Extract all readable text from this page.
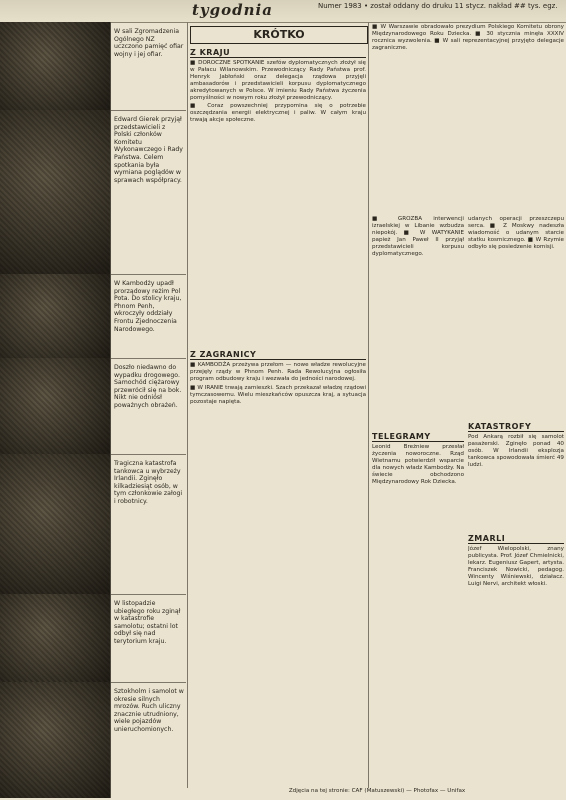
tygodnia	Numer 1983 • został oddany do druku 11 stycz. nakład ## tys. egz.
W sali Zgromadzenia Ogólnego NZ uczczono pamięć ofiar wojny i jej ofiar.
Edward Gierek przyjął przedstawicieli z Polski członków Komitetu Wykonawczego i Rady Państwa. Celem spotkania była wymiana poglądów w sprawach współpracy.
W Kambodży upadł prorządowy reżim Pol Pota. Do stolicy kraju, Phnom Penh, wkroczyły oddziały Frontu Zjednoczenia Narodowego.
Doszło niedawno do wypadku drogowego. Samochód ciężarowy przewrócił się na bok. Nikt nie odniósł poważnych obrażeń.
Tragiczna katastrofa tankowca u wybrzeży Irlandii. Zginęło kilkadziesiąt osób, w tym członkowie załogi i robotnicy.
W listopadzie ubiegłego roku zginął w katastrofie samolotu; ostatni lot odbył się nad terytorium kraju.
Sztokholm i samolot w okresie silnych mrozów. Ruch uliczny znacznie utrudniony, wiele pojazdów unieruchomionych.
KRÓTKO
Z KRAJU

■ DOROCZNE SPOTKANIE szefów dyplomatycznych złożył się w Pałacu Wilanowskim. Przewodniczący Rady Państwa prof. Henryk Jabłoński oraz delegacja rządowa przyjęli ambasadorów i przedstawicieli korpusu dyplomatycznego akredytowanych w Polsce. W imieniu Rady Państwa życzenia pomyślności w nowym roku złożył przewodniczący.

■ Coraz powszechniej przypomina się o potrzebie oszczędzania energii elektrycznej i paliw. W całym kraju trwają akcje społeczne.

Z ZAGRANICY

■ KAMBODŻA przeżywa przełom — nowe władze rewolucyjne przejęły rządy w Phnom Penh. Rada Rewolucyjna ogłosiła program odbudowy kraju i wezwała do jedności narodowej.

■ W IRANIE trwają zamieszki. Szach przekazał władzę rządowi tymczasowemu. Wielu mieszkańców opuszcza kraj, a sytuacja pozostaje napięta.

■ W Warszawie obradowało prezydium Polskiego Komitetu obrony Międzynarodowego Roku Dziecka. ■ 30 stycznia minęła XXXIV rocznica wyzwolenia. ■ W sali reprezentacyjnej przyjęto delegacje zagraniczne.

■ GROŹBA interwencji izraelskiej w Libanie wzbudza niepokój. ■ W WATYKANIE papież Jan Paweł II przyjął przedstawicieli korpusu dyplomatycznego.

TELEGRAMY

Leonid Breżniew przesłał życzenia noworoczne. Rząd Wietnamu potwierdził wsparcie dla nowych władz Kambodży. Na świecie obchodzono Międzynarodowy Rok Dziecka.

udanych operacji przeszczepu serca. ■ Z Moskwy nadeszła wiadomość o udanym starcie statku kosmicznego. ■ W Rzymie odbyło się posiedzenie komisji.

KATASTROFY

Pod Ankarą rozbił się samolot pasażerski. Zginęło ponad 40 osób. W Irlandii eksplozja tankowca spowodowała śmierć 49 ludzi.

ZMARLI

Józef Wielopolski, znany publicysta. Prof. Józef Chmielnicki, lekarz. Eugeniusz Gapert, artysta. Franciszek Nowicki, pedagog. Wincenty Wiśniewski, działacz. Luigi Nervi, architekt włoski.

Zdjęcia na tej stronie: CAF (Matuszewski) — Photofax — Unifax
